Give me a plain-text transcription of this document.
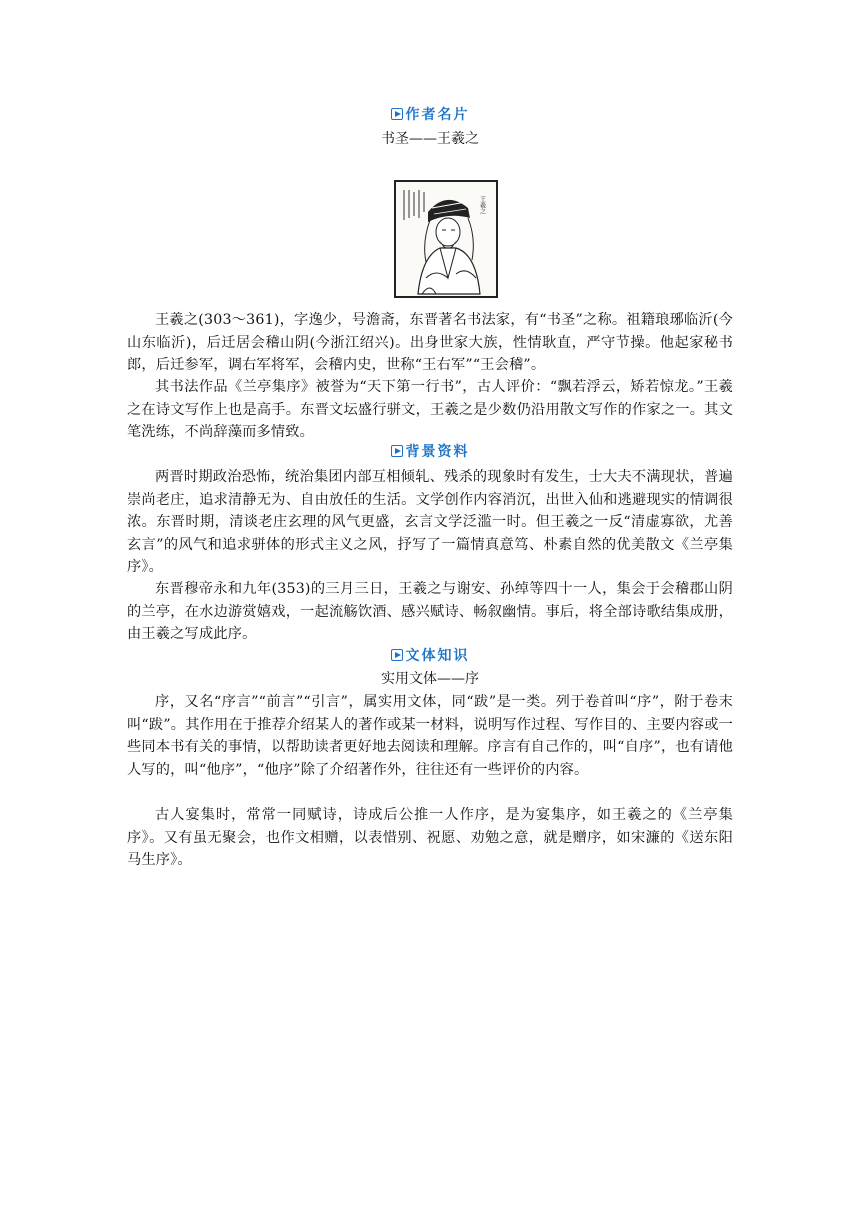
作者名片
书圣——王羲之
王羲之

王羲之(303～361)，字逸少，号澹斋，东晋著名书法家，有“书圣”之称。祖籍琅琊临沂(今山东临沂)，后迁居会稽山阴(今浙江绍兴)。出身世家大族，性情耿直，严守节操。他起家秘书郎，后迁参军，调右军将军，会稽内史，世称“王右军”“王会稽”。

其书法作品《兰亭集序》被誉为“天下第一行书”，古人评价：“飘若浮云，矫若惊龙。”王羲之在诗文写作上也是高手。东晋文坛盛行骈文，王羲之是少数仍沿用散文写作的作家之一。其文笔洗练，不尚辞藻而多情致。

背景资料

两晋时期政治恐怖，统治集团内部互相倾轧、残杀的现象时有发生，士大夫不满现状，普遍崇尚老庄，追求清静无为、自由放任的生活。文学创作内容消沉，出世入仙和逃避现实的情调很浓。东晋时期，清谈老庄玄理的风气更盛，玄言文学泛滥一时。但王羲之一反“清虚寡欲，尤善玄言”的风气和追求骈体的形式主义之风，抒写了一篇情真意笃、朴素自然的优美散文《兰亭集序》。

东晋穆帝永和九年(353)的三月三日，王羲之与谢安、孙绰等四十一人，集会于会稽郡山阴的兰亭，在水边游赏嬉戏，一起流觞饮酒、感兴赋诗、畅叙幽情。事后，将全部诗歌结集成册，由王羲之写成此序。

文体知识
实用文体——序

序，又名“序言”“前言”“引言”，属实用文体，同“跋”是一类。列于卷首叫“序”，附于卷末叫“跋”。其作用在于推荐介绍某人的著作或某一材料，说明写作过程、写作目的、主要内容或一些同本书有关的事情，以帮助读者更好地去阅读和理解。序言有自己作的，叫“自序”，也有请他人写的，叫“他序”，“他序”除了介绍著作外，往往还有一些评价的内容。

古人宴集时，常常一同赋诗，诗成后公推一人作序，是为宴集序，如王羲之的《兰亭集序》。又有虽无聚会，也作文相赠，以表惜别、祝愿、劝勉之意，就是赠序，如宋濂的《送东阳马生序》。
